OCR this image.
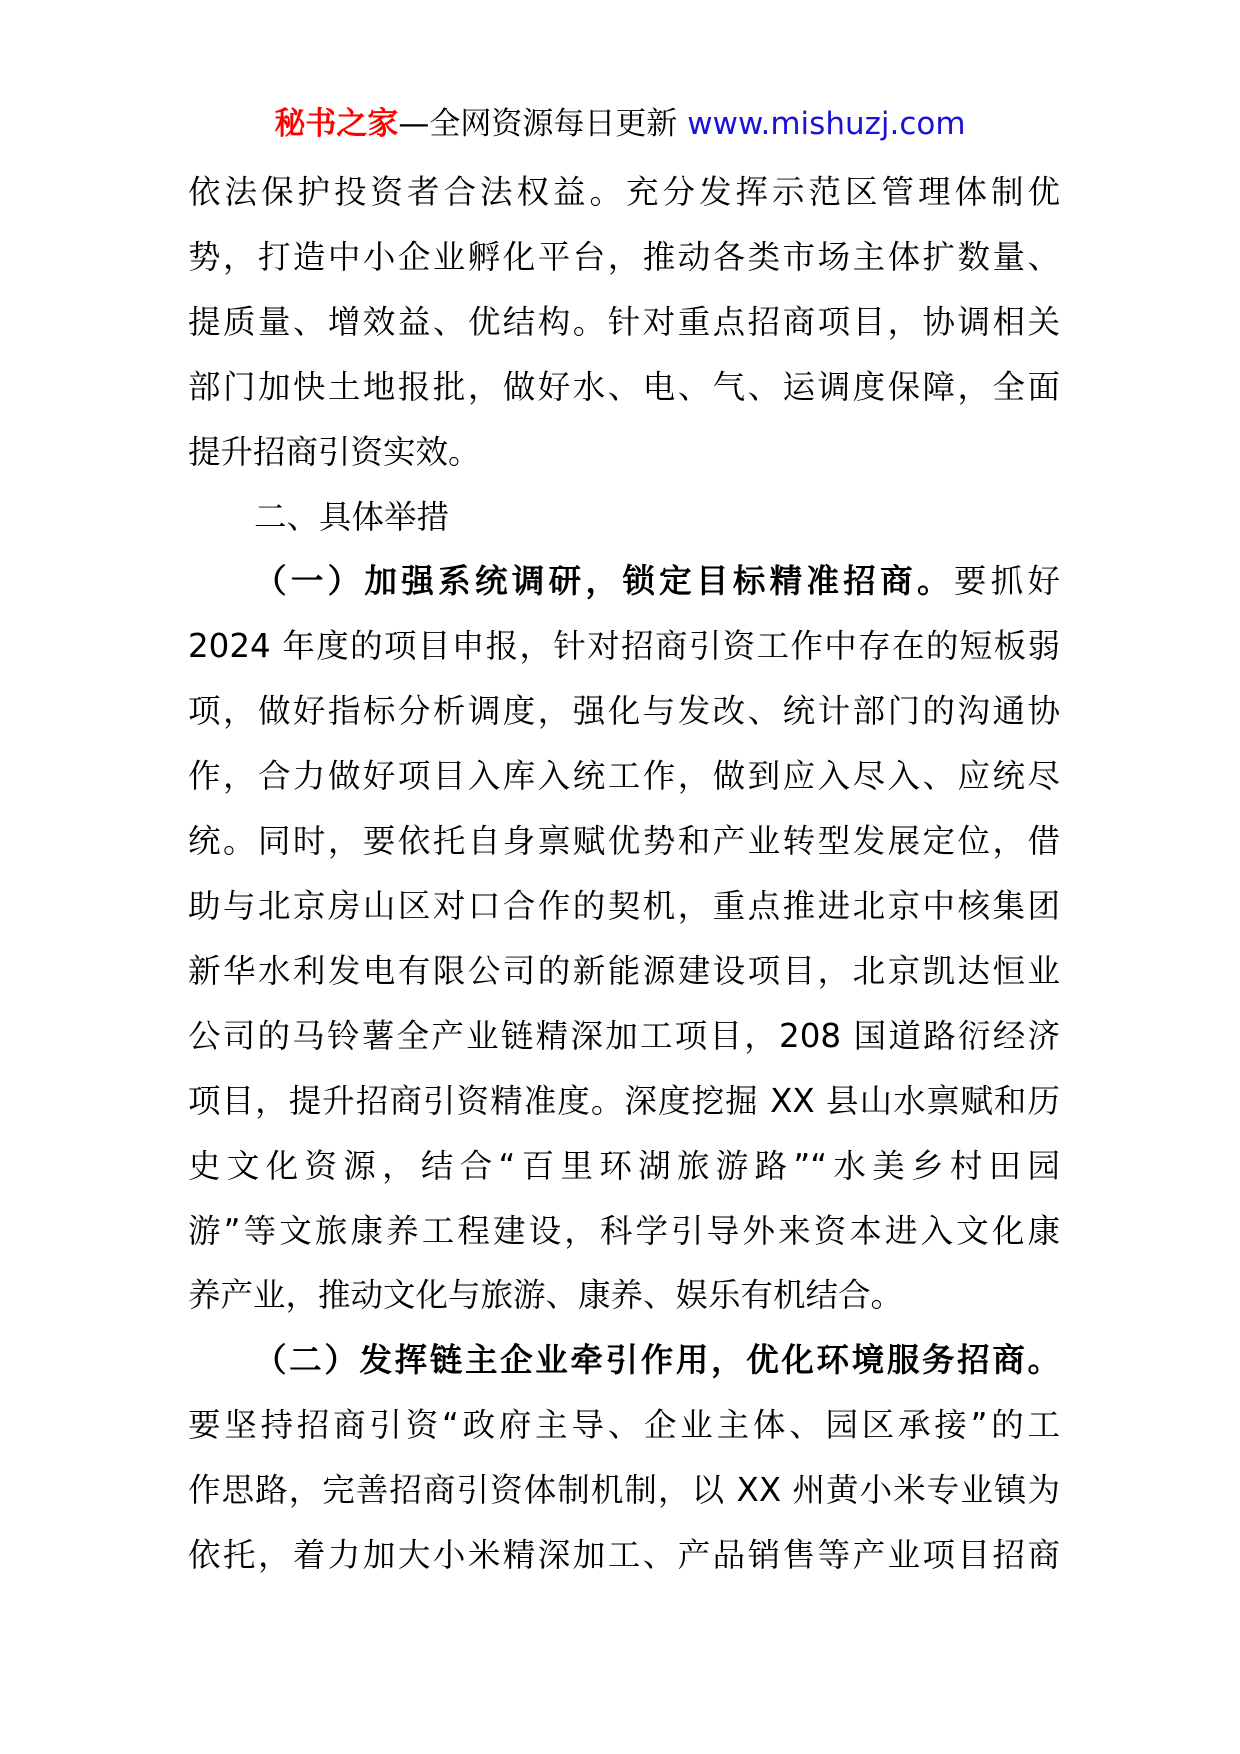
秘书之家—全网资源每日更新 www.mishuzj.com
依法保护投资者合法权益。充分发挥示范区管理体制优
势，打造中小企业孵化平台，推动各类市场主体扩数量、
提质量、增效益、优结构。针对重点招商项目，协调相关
部门加快土地报批，做好水、电、气、运调度保障，全面
提升招商引资实效。
二、具体举措
（一）加强系统调研，锁定目标精准招商。要抓好
2024 年度的项目申报，针对招商引资工作中存在的短板弱
项，做好指标分析调度，强化与发改、统计部门的沟通协
作，合力做好项目入库入统工作，做到应入尽入、应统尽
统。同时，要依托自身禀赋优势和产业转型发展定位，借
助与北京房山区对口合作的契机，重点推进北京中核集团
新华水利发电有限公司的新能源建设项目，北京凯达恒业
公司的马铃薯全产业链精深加工项目，208 国道路衍经济
项目，提升招商引资精准度。深度挖掘 XX 县山水禀赋和历
史文化资源，结合“百里环湖旅游路”“水美乡村田园
游”等文旅康养工程建设，科学引导外来资本进入文化康
养产业，推动文化与旅游、康养、娱乐有机结合。
（二）发挥链主企业牵引作用，优化环境服务招商。
要坚持招商引资“政府主导、企业主体、园区承接”的工
作思路，完善招商引资体制机制，以 XX 州黄小米专业镇为
依托，着力加大小米精深加工、产品销售等产业项目招商
